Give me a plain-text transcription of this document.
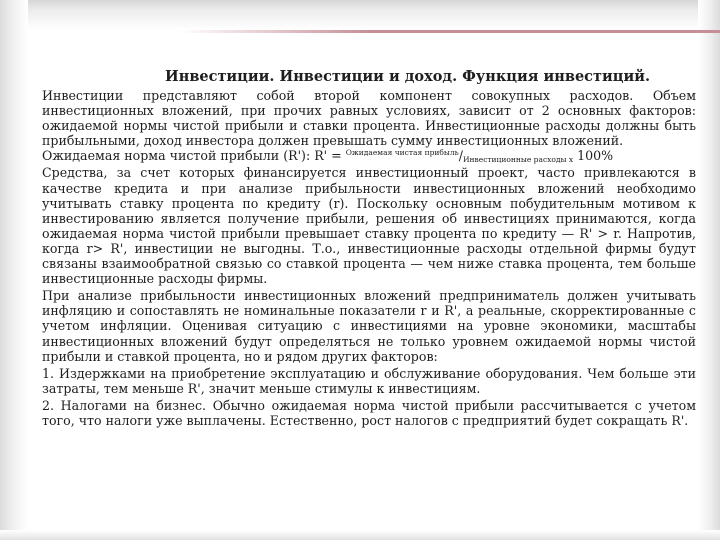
Инвестиции. Инвестиции и доход. Функция инвестиций.

Инвестиции представляют собой второй компонент совокупных расходов. Объем инвестиционных вложений, при прочих равных условиях, зависит от 2 основных факторов: ожидаемой нормы чистой прибыли и ставки процента. Инвестиционные расходы должны быть прибыльными, доход инвестора должен превышать сумму инвестиционных вложений.

Ожидаемая норма чистой прибыли (R'): R' = $^{Ожидаемая чистая прибыль}$/Инвестиционные расходы х 100%

Средства, за счет которых финансируется инвестиционный проект, часто привлекаются в качестве кредита и при анализе прибыльности инвестиционных вложений необходимо учитывать ставку процента по кредиту (r). Поскольку основным побудительным мотивом к инвестированию является получение прибыли, решения об инвестициях принимаются, когда ожидаемая норма чистой прибыли превышает ставку процента по кредиту — R' > r. Напротив, когда r> R', инвестиции не выгодны. Т.о., инвестиционные расходы отдельной фирмы будут связаны взаимообратной связью со ставкой процента — чем ниже ставка процента, тем больше инвестиционные расходы фирмы.

При анализе прибыльности инвестиционных вложений предприниматель должен учитывать инфляцию и сопоставлять не номинальные показатели r и R', а реальные, скорректированные с учетом инфляции. Оценивая ситуацию с инвестициями на уровне экономики, масштабы инвестиционных вложений будут определяться не только уровнем ожидаемой нормы чистой прибыли и ставкой процента, но и рядом других факторов:

1. Издержками на приобретение эксплуатацию и обслуживание оборудования. Чем больше эти затраты, тем меньше R', значит меньше стимулы к инвестициям.

2. Налогами на бизнес. Обычно ожидаемая норма чистой прибыли рассчитывается с учетом того, что налоги уже выплачены. Естественно, рост налогов с предприятий будет сокращать R'.
